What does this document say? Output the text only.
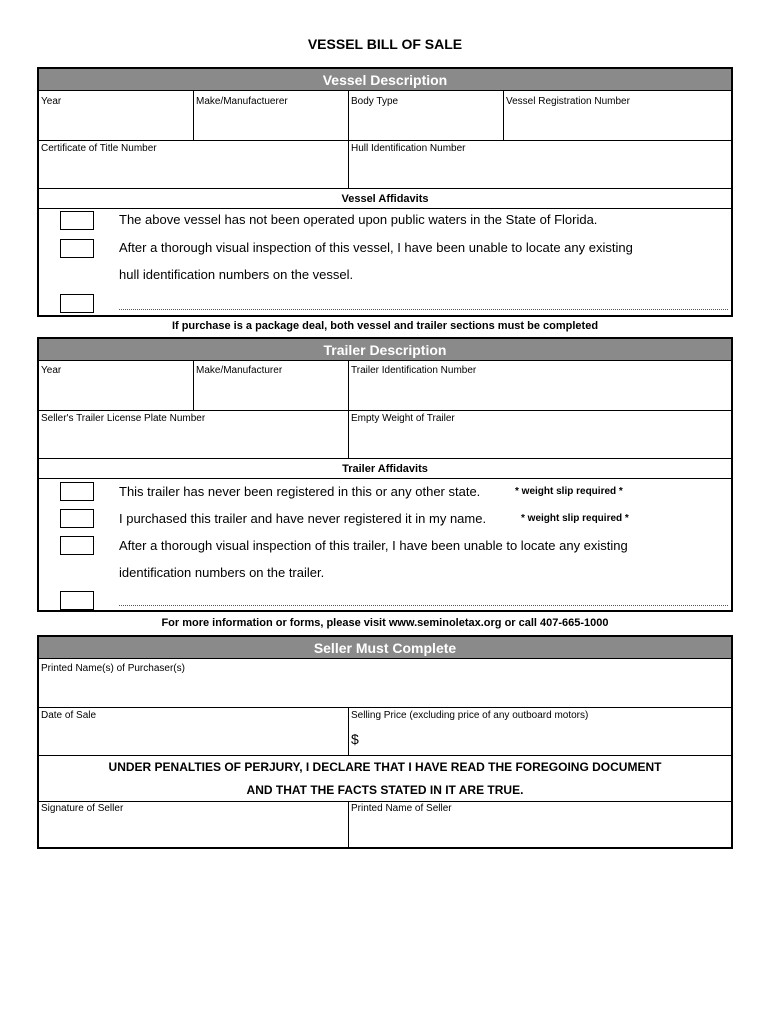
VESSEL BILL OF SALE
Vessel Description
Year	Make/Manufactuerer	Body Type	Vessel Registration Number
Certificate of Title Number	Hull Identification Number
Vessel Affidavits
The above vessel has not been operated upon public waters in the State of Florida.
After a thorough visual inspection of this vessel, I have been unable to locate any existing
hull identification numbers on the vessel.
If purchase is a package deal, both vessel and trailer sections must be completed
Trailer Description
Year	Make/Manufacturer	Trailer Identification Number
Seller's Trailer License Plate Number	Empty Weight of Trailer
Trailer Affidavits
This trailer has never been registered in this or any other state.	* weight slip required *
I purchased this trailer and have never registered it in my name.	* weight slip required *
After a thorough visual inspection of this trailer, I have been unable to locate any existing
identification numbers on the trailer.
For more information or forms, please visit www.seminoletax.org or call 407-665-1000
Seller Must Complete
Printed Name(s) of Purchaser(s)
Date of Sale	Selling Price (excluding price of any outboard motors)
$
UNDER PENALTIES OF PERJURY, I DECLARE THAT I HAVE READ THE FOREGOING DOCUMENT
AND THAT THE FACTS STATED IN IT ARE TRUE.
Signature of Seller	Printed Name of Seller
